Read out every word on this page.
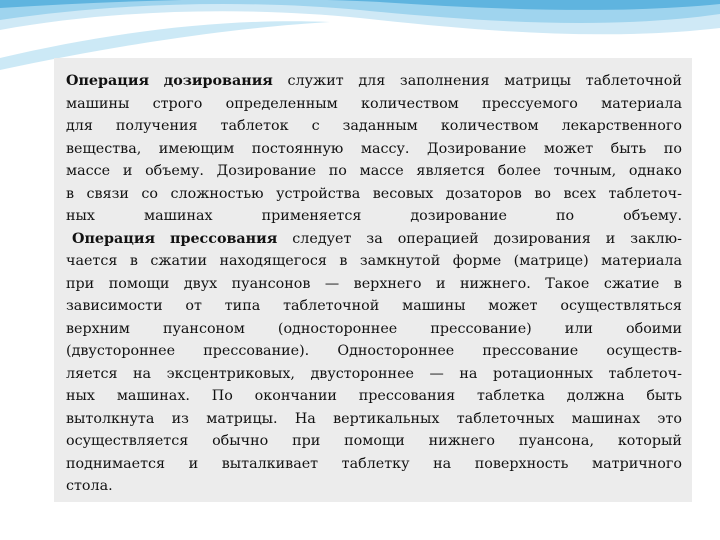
Операция дозирования служит для заполнения матрицы таблеточной
машины строго определенным количеством прессуемого материала
для получения таблеток с заданным количеством лекарственного
вещества, имеющим постоянную массу. Дозирование может быть по
массе и объему. Дозирование по массе является более точным, однако
в связи со сложностью устройства весовых дозаторов во всех таблеточ-
ных	машинах	применяется	дозирование	по	объему.
Операция прессования следует за операцией дозирования и заклю-
чается в сжатии находящегося в замкнутой форме (матрице) материала
при помощи двух пуансонов — верхнего и нижнего. Такое сжатие в
зависимости от типа таблеточной машины может осуществляться
верхним пуансоном (одностороннее прессование) или обоими
(двустороннее прессование). Одностороннее прессование осуществ-
ляется на эксцентриковых, двустороннее — на ротационных таблеточ-
ных машинах. По окончании прессования таблетка должна быть
вытолкнута из матрицы. На вертикальных таблеточных машинах это
осуществляется обычно при помощи нижнего пуансона, который
поднимается и выталкивает таблетку на поверхность матричного
стола.
